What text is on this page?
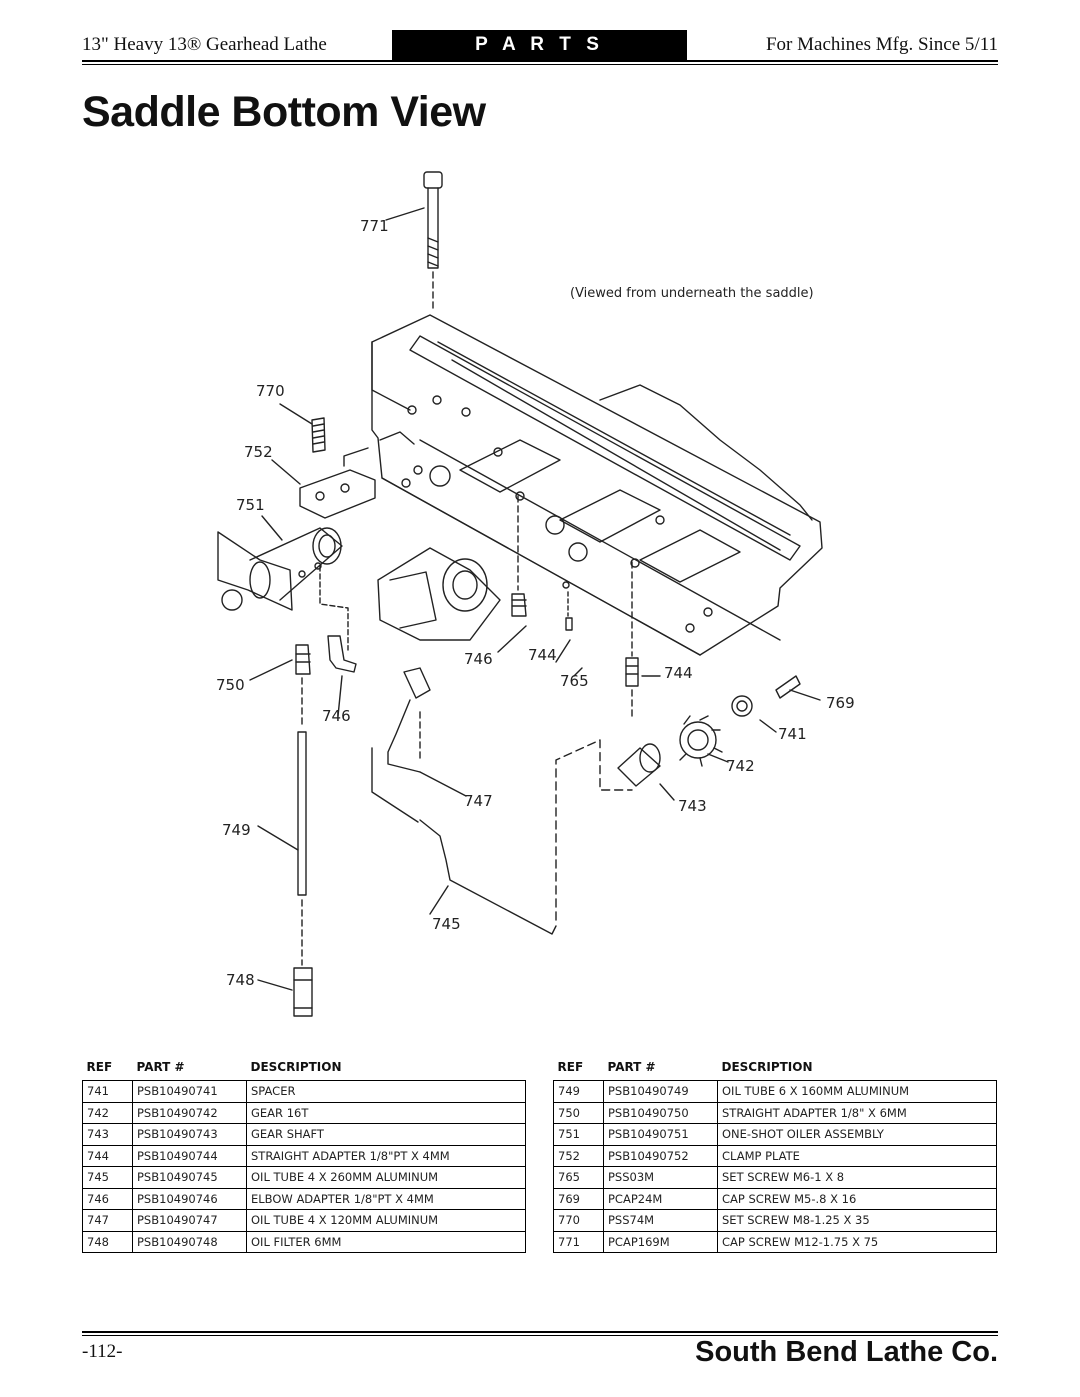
13" Heavy 13® Gearhead Lathe	P A R T S	For Machines Mfg. Since 5/11
Saddle Bottom View
(Viewed from underneath the saddle)
771
770
752
751
750
746
746 744
744
765
769
741
742
743
747
749
745
748
REF	PART #	DESCRIPTION
741	PSB10490741	SPACER
742	PSB10490742	GEAR 16T
743	PSB10490743	GEAR SHAFT
744	PSB10490744	STRAIGHT ADAPTER 1/8"PT X 4MM
745	PSB10490745	OIL TUBE 4 X 260MM ALUMINUM
746	PSB10490746	ELBOW ADAPTER 1/8"PT X 4MM
747	PSB10490747	OIL TUBE 4 X 120MM ALUMINUM
748	PSB10490748	OIL FILTER 6MM
REF	PART #	DESCRIPTION
749	PSB10490749	OIL TUBE 6 X 160MM ALUMINUM
750	PSB10490750	STRAIGHT ADAPTER 1/8" X 6MM
751	PSB10490751	ONE-SHOT OILER ASSEMBLY
752	PSB10490752	CLAMP PLATE
765	PSS03M	SET SCREW M6-1 X 8
769	PCAP24M	CAP SCREW M5-.8 X 16
770	PSS74M	SET SCREW M8-1.25 X 35
771	PCAP169M	CAP SCREW M12-1.75 X 75
-112-	South Bend Lathe Co.
